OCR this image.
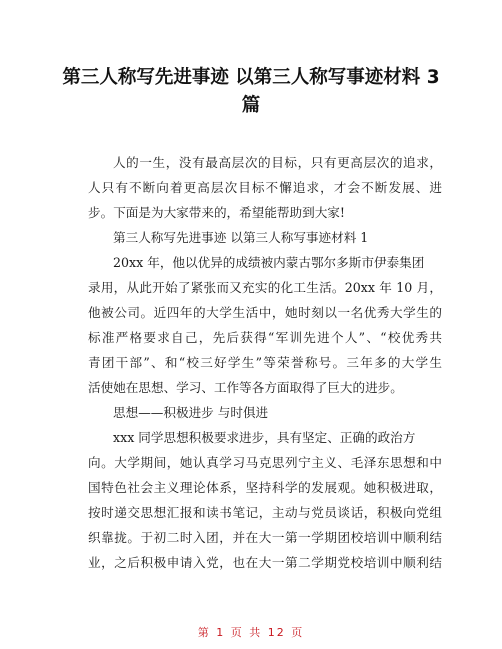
第三人称写先进事迹 以第三人称写事迹材料 3
篇
人的一生，没有最高层次的目标，只有更高层次的追求，
人只有不断向着更高层次目标不懈追求，才会不断发展、进
步。下面是为大家带来的，希望能帮助到大家!
第三人称写先进事迹 以第三人称写事迹材料 1
20xx 年，他以优异的成绩被内蒙古鄂尔多斯市伊泰集团
录用，从此开始了紧张而又充实的化工生活。20xx 年 10 月，
他被公司。近四年的大学生活中，她时刻以一名优秀大学生的
标准严格要求自己，先后获得“军训先进个人”、“校优秀共
青团干部”、和“校三好学生”等荣誉称号。三年多的大学生
活使她在思想、学习、工作等各方面取得了巨大的进步。
思想——积极进步 与时俱进
xxx 同学思想积极要求进步，具有坚定、正确的政治方
向。大学期间，她认真学习马克思列宁主义、毛泽东思想和中
国特色社会主义理论体系，坚持科学的发展观。她积极进取，
按时递交思想汇报和读书笔记，主动与党员谈话，积极向党组
织靠拢。于初二时入团，并在大一第一学期团校培训中顺利结
业，之后积极申请入党，也在大一第二学期党校培训中顺利结
第 1 页 共 12 页
